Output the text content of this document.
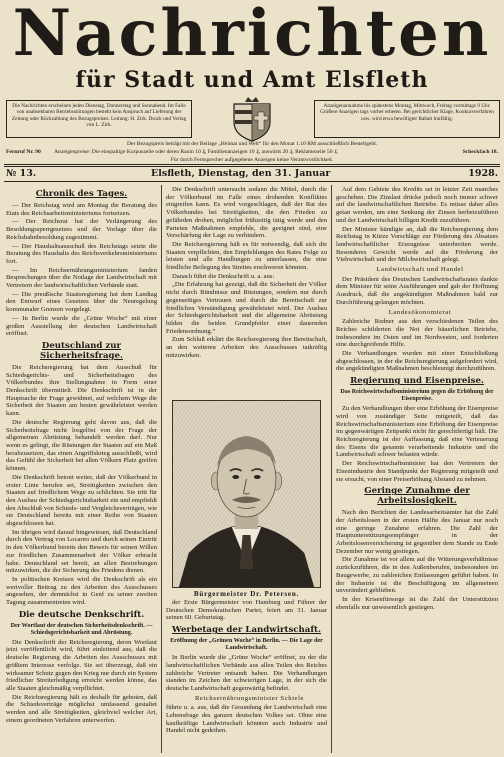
Nachrichten
für Stadt und Amt Elsfleth
Die Nachrichten erscheinen jeden Dienstag, Donnerstag und Sonnabend. Im Falle von unabsehbaren Betriebsstörungen besteht kein Anspruch auf Lieferung der Zeitung oder Rückzahlung des Bezugspreises. Leitung: H. Zirk. Druck und Verlag von L. Zirk.
Anzeigenannahme bis spätestens Montag, Mittwoch, Freitag vormittags 9 Uhr. Größere Anzeigen tags vorher erbeten. Bei gerichtlicher Klage, Konkursverfahren usw. wird etwa bewilligter Rabatt hinfällig.
Der Bezugspreis beträgt mit der Beilage „Heimat und Welt“ für den Monat 1.10 RM ausschließlich Bestellgeld.
Fernruf Nr. 90 Anzeigenpreise: Die einspaltige Korpuszeile oder deren Raum 10 ₰, Familienanzeigen 10 ₰, auswärts 20 ₰, Reklamezeile 50 ₰.	Scheckfach 18.
Für durch Fernsprecher aufgegebene Anzeigen keine Verantwortlichkeit.
№ 13.	Elsfleth, Dienstag, den 31. Januar	1928.
Chronik des Tages.

— Der Reichstag wird am Montag die Beratung des Etats des Reichsarbeitsministeriums fortsetzen.

— Der Reichsrat hat der Verlängerung des Besoldungssperrgesetzes und der Vorlage über die Reichsbahnbesoldung zugestimmt.

— Der Haushaltsausschuß des Reichstags setzte die Beratung des Haushalts des Reichsverkehrsministeriums fort.

— Im Reichsernährungsministerium fanden Besprechungen über die Notlage der Landwirtschaft mit Vertretern der landwirtschaftlichen Verbände statt.

— Die preußische Staatsregierung hat dem Landtag den Entwurf eines Gesetzes über die Neuregelung kommunaler Grenzen vorgelegt.

— In Berlin wurde die „Grüne Woche“ mit einer großen Ausstellung der deutschen Landwirtschaft eröffnet.

Deutschland zur Sicherheitsfrage.

Die Reichsregierung hat dem Ausschuß für Schiedsgerichts- und Sicherheitsfragen des Völkerbundes ihre Stellungnahme in Form einer Denkschrift übermittelt. Die Denkschrift ist in der Hauptsache der Frage gewidmet, auf welchem Wege die Sicherheit der Staaten am besten gewährleistet werden kann.

Die deutsche Regierung geht davon aus, daß die Sicherheitsfrage nicht losgelöst von der Frage der allgemeinen Abrüstung behandelt werden darf. Nur wenn es gelingt, die Rüstungen der Staaten auf ein Maß herabzusetzen, das einen Angriffskrieg ausschließt, wird das Gefühl der Sicherheit bei allen Völkern Platz greifen können.

Die Denkschrift betont weiter, daß der Völkerbund in erster Linie berufen sei, Streitigkeiten zwischen den Staaten auf friedlichem Wege zu schlichten. Sie tritt für den Ausbau der Schiedsgerichtsbarkeit ein und empfiehlt den Abschluß von Schieds- und Vergleichsverträgen, wie sie Deutschland bereits mit einer Reihe von Staaten abgeschlossen hat.

Im übrigen wird darauf hingewiesen, daß Deutschland durch den Vertrag von Locarno und durch seinen Eintritt in den Völkerbund bereits den Beweis für seinen Willen zur friedlichen Zusammenarbeit der Völker erbracht habe. Deutschland sei bereit, an allen Bestrebungen mitzuwirken, die der Sicherung des Friedens dienen.

In politischen Kreisen wird die Denkschrift als ein wertvoller Beitrag zu den Arbeiten des Ausschusses angesehen, der demnächst in Genf zu seiner zweiten Tagung zusammentreten wird.

Die deutsche Denkschrift.

Der Wortlaut der deutschen Sicherheitsdenkschrift. — Schiedsgerichtsbarkeit und Abrüstung.

Die Denkschrift der Reichsregierung, deren Wortlaut jetzt veröffentlicht wird, führt einleitend aus, daß die deutsche Regierung die Arbeiten des Ausschusses mit größtem Interesse verfolge. Sie sei überzeugt, daß ein wirksamer Schutz gegen den Krieg nur durch ein System friedlicher Streiterledigung erreicht werden könne, das alle Staaten gleichmäßig verpflichtet.

Die Reichsregierung hält es deshalb für geboten, daß die Schiedsverträge möglichst umfassend gestaltet werden und alle Streitigkeiten, gleichviel welcher Art, einem geordneten Verfahren unterwerfen.

Die Denkschrift untersucht sodann die Mittel, durch die der Völkerbund im Falle eines drohenden Konfliktes eingreifen kann. Es wird vorgeschlagen, daß der Rat des Völkerbundes bei Streitigkeiten, die den Frieden zu gefährden drohen, möglichst frühzeitig tätig werde und den Parteien Maßnahmen empfehle, die geeignet sind, eine Verschärfung der Lage zu verhindern.

Die Reichsregierung hält es für notwendig, daß sich die Staaten verpflichten, den Empfehlungen des Rates Folge zu leisten und alle Handlungen zu unterlassen, die eine friedliche Beilegung des Streites erschweren könnten.

Danach führt die Denkschrift u. a. aus:

„Die Erfahrung hat gezeigt, daß die Sicherheit der Völker nicht durch Bündnisse und Rüstungen, sondern nur durch gegenseitiges Vertrauen und durch die Bereitschaft zur friedlichen Verständigung gewährleistet wird. Der Ausbau der Schiedsgerichtsbarkeit und die allgemeine Abrüstung bilden die beiden Grundpfeiler einer dauernden Friedensordnung.“

Zum Schluß erklärt die Reichsregierung ihre Bereitschaft, an den weiteren Arbeiten des Ausschusses tatkräftig mitzuwirken.

Bürgermeister Dr. Petersen.

der Erste Bürgermeister von Hamburg und Führer der Deutschen Demokratischen Partei, feiert am 31. Januar seinen 60. Geburtstag.

Werbetage der Landwirtschaft.

Eröffnung der „Grünen Woche“ in Berlin. — Die Lage der Landwirtschaft.

In Berlin wurde die „Grüne Woche“ eröffnet, zu der die landwirtschaftlichen Verbände aus allen Teilen des Reiches zahlreiche Vertreter entsandt haben. Die Verhandlungen standen im Zeichen der schwierigen Lage, in der sich die deutsche Landwirtschaft gegenwärtig befindet.

Reichsernährungsminister Schiele

führte u. a. aus, daß die Gesundung der Landwirtschaft eine Lebensfrage des ganzen deutschen Volkes sei. Ohne eine kaufkräftige Landwirtschaft könnten auch Industrie und Handel nicht gedeihen.

Auf dem Gebiete des Kredits sei in letzter Zeit manches geschehen. Die Zinslast drücke jedoch noch immer schwer auf die landwirtschaftlichen Betriebe. Es müsse daher alles getan werden, um eine Senkung der Zinsen herbeizuführen und der Landwirtschaft billigen Kredit zuzuführen.

Der Minister kündigte an, daß die Reichsregierung dem Reichstag in Kürze Vorschläge zur Förderung des Absatzes landwirtschaftlicher Erzeugnisse unterbreiten werde. Besonderes Gewicht werde auf die Förderung der Viehwirtschaft und der Milchwirtschaft gelegt.

Landwirtschaft und Handel

Der Präsident des Deutschen Landwirtschaftsrates dankte dem Minister für seine Ausführungen und gab der Hoffnung Ausdruck, daß die angekündigten Maßnahmen bald zur Durchführung gelangen möchten.

Landesökonomierat

Zahlreiche Redner aus den verschiedenen Teilen des Reiches schilderten die Not der bäuerlichen Betriebe, insbesondere im Osten und im Nordwesten, und forderten eine durchgreifende Hilfe.

Die Verhandlungen wurden mit einer Entschließung abgeschlossen, in der die Reichsregierung aufgefordert wird, die angekündigten Maßnahmen beschleunigt durchzuführen.

Regierung und Eisenpreise.

Das Reichswirtschaftsministerium gegen die Erhöhung der Eisenpreise.

Zu den Verhandlungen über eine Erhöhung der Eisenpreise wird von zuständiger Seite mitgeteilt, daß das Reichswirtschaftsministerium eine Erhöhung der Eisenpreise im gegenwärtigen Zeitpunkt nicht für gerechtfertigt hält. Die Reichsregierung ist der Auffassung, daß eine Verteuerung des Eisens die gesamte verarbeitende Industrie und die Landwirtschaft schwer belasten würde.

Der Reichswirtschaftsminister hat den Vertretern der Eisenindustrie den Standpunkt der Regierung mitgeteilt und sie ersucht, von einer Preiserhöhung Abstand zu nehmen.

Geringe Zunahme der Arbeitslosigkeit.

Nach den Berichten der Landesarbeitsämter hat die Zahl der Arbeitslosen in der ersten Hälfte des Januar nur noch eine geringe Zunahme erfahren. Die Zahl der Hauptunterstützungsempfänger in der Arbeitslosenversicherung ist gegenüber dem Stande zu Ende Dezember nur wenig gestiegen.

Die Zunahme ist vor allem auf die Witterungsverhältnisse zurückzuführen, die in den Außenberufen, insbesondere im Baugewerbe, zu zahlreichen Entlassungen geführt haben. In der Industrie ist die Beschäftigung im allgemeinen unverändert geblieben.

In der Krisenfürsorge ist die Zahl der Unterstützten ebenfalls nur unwesentlich gestiegen.
